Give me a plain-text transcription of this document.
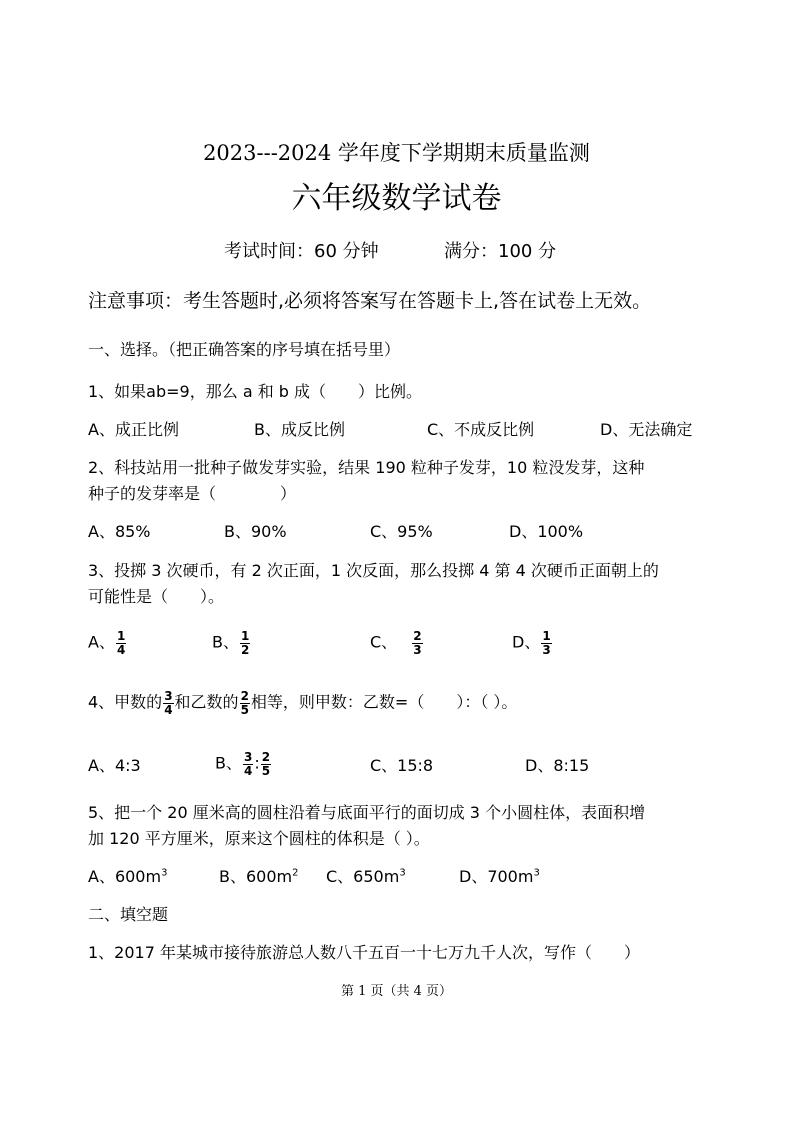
2023---2024 学年度下学期期末质量监测
六年级数学试卷
考试时间：60 分钟	满分：100 分
注意事项：考生答题时,必须将答案写在答题卡上,答在试卷上无效。
一、选择。（把正确答案的序号填在括号里）
1、如果ab=9，那么 a 和 b 成（　　）比例。
A、成正比例	B、成反比例	C、不成反比例	D、无法确定
2、科技站用一批种子做发芽实验，结果 190 粒种子发芽，10 粒没发芽，这种
种子的发芽率是（　　　　）
A、85%	B、90%	C、95%	D、100%
3、投掷 3 次硬币，有 2 次正面，1 次反面，那么投掷 4 第 4 次硬币正面朝上的
可能性是（　　）。
A、 $\frac{1}{4}$	B、 $\frac{1}{2}$	C、 $\frac{2}{3}$	D、 $\frac{1}{3}$
4、甲数的 $\frac{3}{4}$ 和乙数的 $\frac{2}{5}$ 相等，则甲数：乙数=（　　）：（ ）。
A、4:3	B、 $\frac{3}{4}$ : $\frac{2}{5}$	C、15:8	D、8:15
5、把一个 20 厘米高的圆柱沿着与底面平行的面切成 3 个小圆柱体，表面积增
加 120 平方厘米，原来这个圆柱的体积是（ ）。
A、$600m^3$	B、$600m^2$ C、$650m^3$	D、$700m^3$
二、填空题
1、2017 年某城市接待旅游总人数八千五百一十七万九千人次，写作（　　）
第 1 页（共 4 页）
